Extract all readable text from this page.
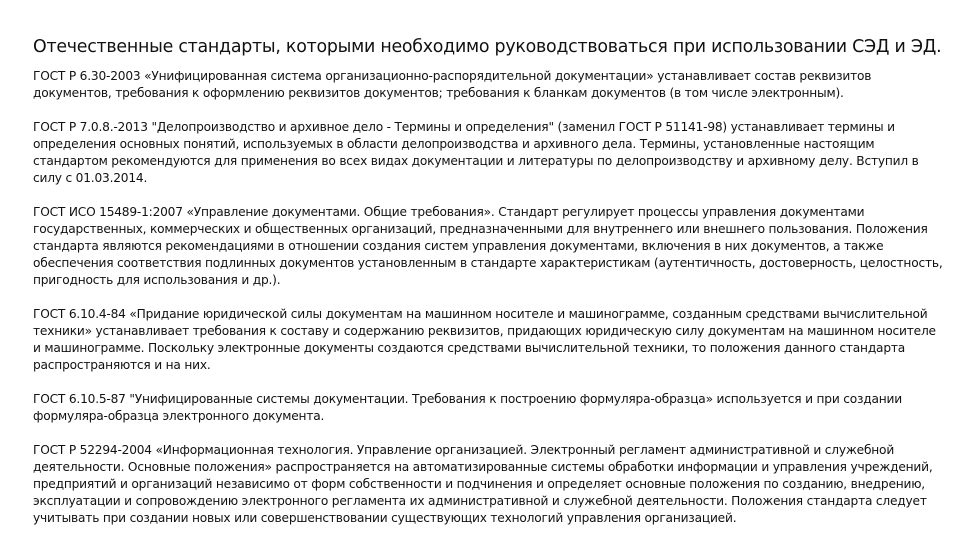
Отечественные стандарты, которыми необходимо руководствоваться при использовании СЭД и ЭД.

ГОСТ Р 6.30-2003 «Унифицированная система организационно-распорядительной документации» устанавливает состав реквизитов документов, требования к оформлению реквизитов документов; требования к бланкам документов (в том числе электронным).

ГОСТ Р 7.0.8.-2013 "Делопроизводство и архивное дело - Термины и определения" (заменил ГОСТ Р 51141-98) устанавливает термины и определения основных понятий, используемых в области делопроизводства и архивного дела. Термины, установленные настоящим стандартом рекомендуются для применения во всех видах документации и литературы по делопроизводству и архивному делу. Вступил в силу с 01.03.2014.

ГОСТ ИСО 15489-1:2007 «Управление документами. Общие требования». Стандарт регулирует процессы управления документами государственных, коммерческих и общественных организаций, предназначенными для внутреннего или внешнего пользования. Положения стандарта являются рекомендациями в отношении создания систем управления документами, включения в них документов, а также обеспечения соответствия подлинных документов установленным в стандарте характеристикам (аутентичность, достоверность, целостность, пригодность для использования и др.).

ГОСТ 6.10.4-84 «Придание юридической силы документам на машинном носителе и машинограмме, созданным средствами вычислительной техники» устанавливает требования к составу и содержанию реквизитов, придающих юридическую силу документам на машинном носителе и машинограмме. Поскольку электронные документы создаются средствами вычислительной техники, то положения данного стандарта распространяются и на них.

ГОСТ 6.10.5-87 "Унифицированные системы документации. Требования к построению формуляра-образца» используется и при создании формуляра-образца электронного документа.

ГОСТ Р 52294-2004 «Информационная технология. Управление организацией. Электронный регламент административной и служебной деятельности. Основные положения» распространяется на автоматизированные системы обработки информации и управления учреждений, предприятий и организаций независимо от форм собственности и подчинения и определяет основные положения по созданию, внедрению, эксплуатации и сопровождению электронного регламента их административной и служебной деятельности. Положения стандарта следует учитывать при создании новых или совершенствовании существующих технологий управления организацией.
